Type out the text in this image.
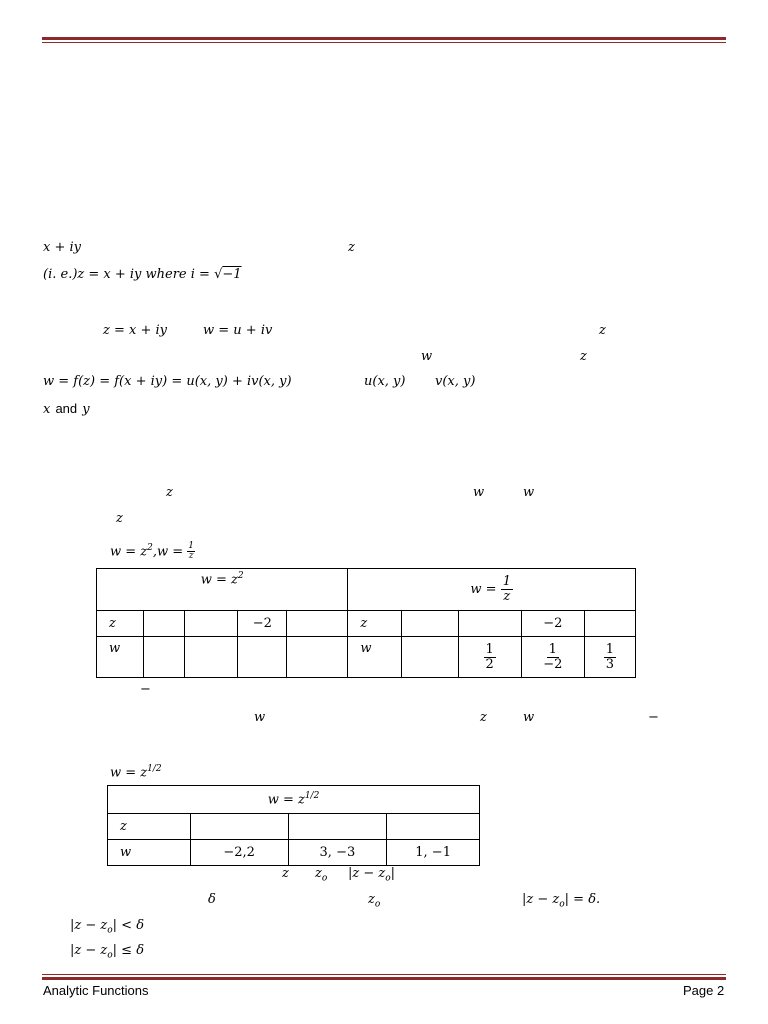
x + iy	z
(i. e.)z = x + iy where i = √−1
z = x + iy	w = u + iv	z
w	z
w = f(z) = f(x + iy) = u(x, y) + iv(x, y)	u(x, y) v(x, y)
x and y
z	w	w
z
$w = z^2,w = \frac{1}{z}$
$w = z^2$					$w = \frac{1}{z}$

z			−2		z			−2	
w					w		$\frac{1}{2}$	$\frac{1}{-2}$	$\frac{1}{3}$
−
w	z	w	−
$w = z^{1/2}$
$w = z^{1/2}$
z			
w	−2,2	3, −3	1, −1
z $z_o$ $|z - z_o|$
δ	$z_o$	$|z - z_o| = \delta$.
$|z - z_o| < \delta$
$|z - z_o| \le \delta$
Analytic Functions	Page 2
